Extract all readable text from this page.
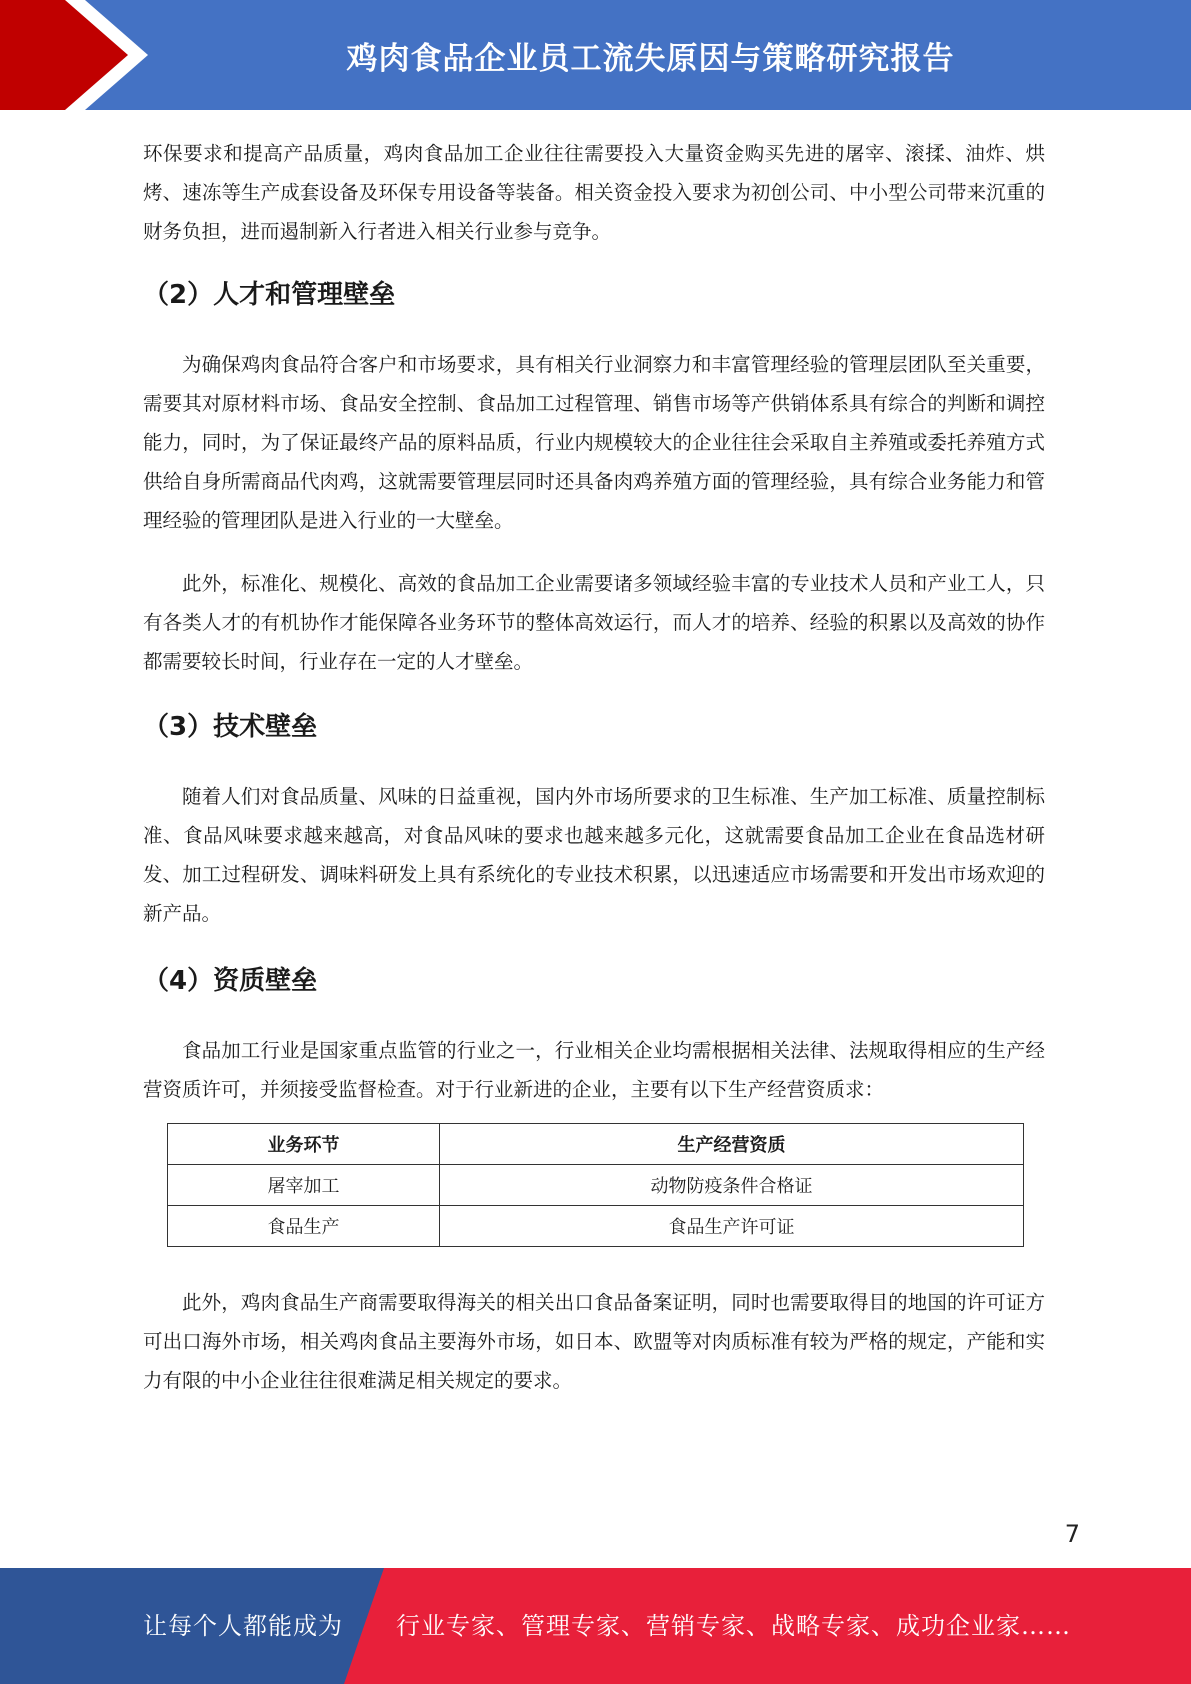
鸡肉食品企业员工流失原因与策略研究报告

环保要求和提高产品质量，鸡肉食品加工企业往往需要投入大量资金购买先进的屠宰、滚揉、油炸、烘烤、速冻等生产成套设备及环保专用设备等装备。相关资金投入要求为初创公司、中小型公司带来沉重的财务负担，进而遏制新入行者进入相关行业参与竞争。

（2）人才和管理壁垒

为确保鸡肉食品符合客户和市场要求，具有相关行业洞察力和丰富管理经验的管理层团队至关重要，需要其对原材料市场、食品安全控制、食品加工过程管理、销售市场等产供销体系具有综合的判断和调控能力，同时，为了保证最终产品的原料品质，行业内规模较大的企业往往会采取自主养殖或委托养殖方式供给自身所需商品代肉鸡，这就需要管理层同时还具备肉鸡养殖方面的管理经验，具有综合业务能力和管理经验的管理团队是进入行业的一大壁垒。

此外，标准化、规模化、高效的食品加工企业需要诸多领域经验丰富的专业技术人员和产业工人，只有各类人才的有机协作才能保障各业务环节的整体高效运行，而人才的培养、经验的积累以及高效的协作都需要较长时间，行业存在一定的人才壁垒。

（3）技术壁垒

随着人们对食品质量、风味的日益重视，国内外市场所要求的卫生标准、生产加工标准、质量控制标准、食品风味要求越来越高，对食品风味的要求也越来越多元化，这就需要食品加工企业在食品选材研发、加工过程研发、调味料研发上具有系统化的专业技术积累，以迅速适应市场需要和开发出市场欢迎的新产品。

（4）资质壁垒

食品加工行业是国家重点监管的行业之一，行业相关企业均需根据相关法律、法规取得相应的生产经营资质许可，并须接受监督检查。对于行业新进的企业，主要有以下生产经营资质求：

业务环节	生产经营资质
屠宰加工	动物防疫条件合格证
食品生产	食品生产许可证

此外，鸡肉食品生产商需要取得海关的相关出口食品备案证明，同时也需要取得目的地国的许可证方可出口海外市场，相关鸡肉食品主要海外市场，如日本、欧盟等对肉质标准有较为严格的规定，产能和实力有限的中小企业往往很难满足相关规定的要求。

7
让每个人都能成为 行业专家、管理专家、营销专家、战略专家、成功企业家……
